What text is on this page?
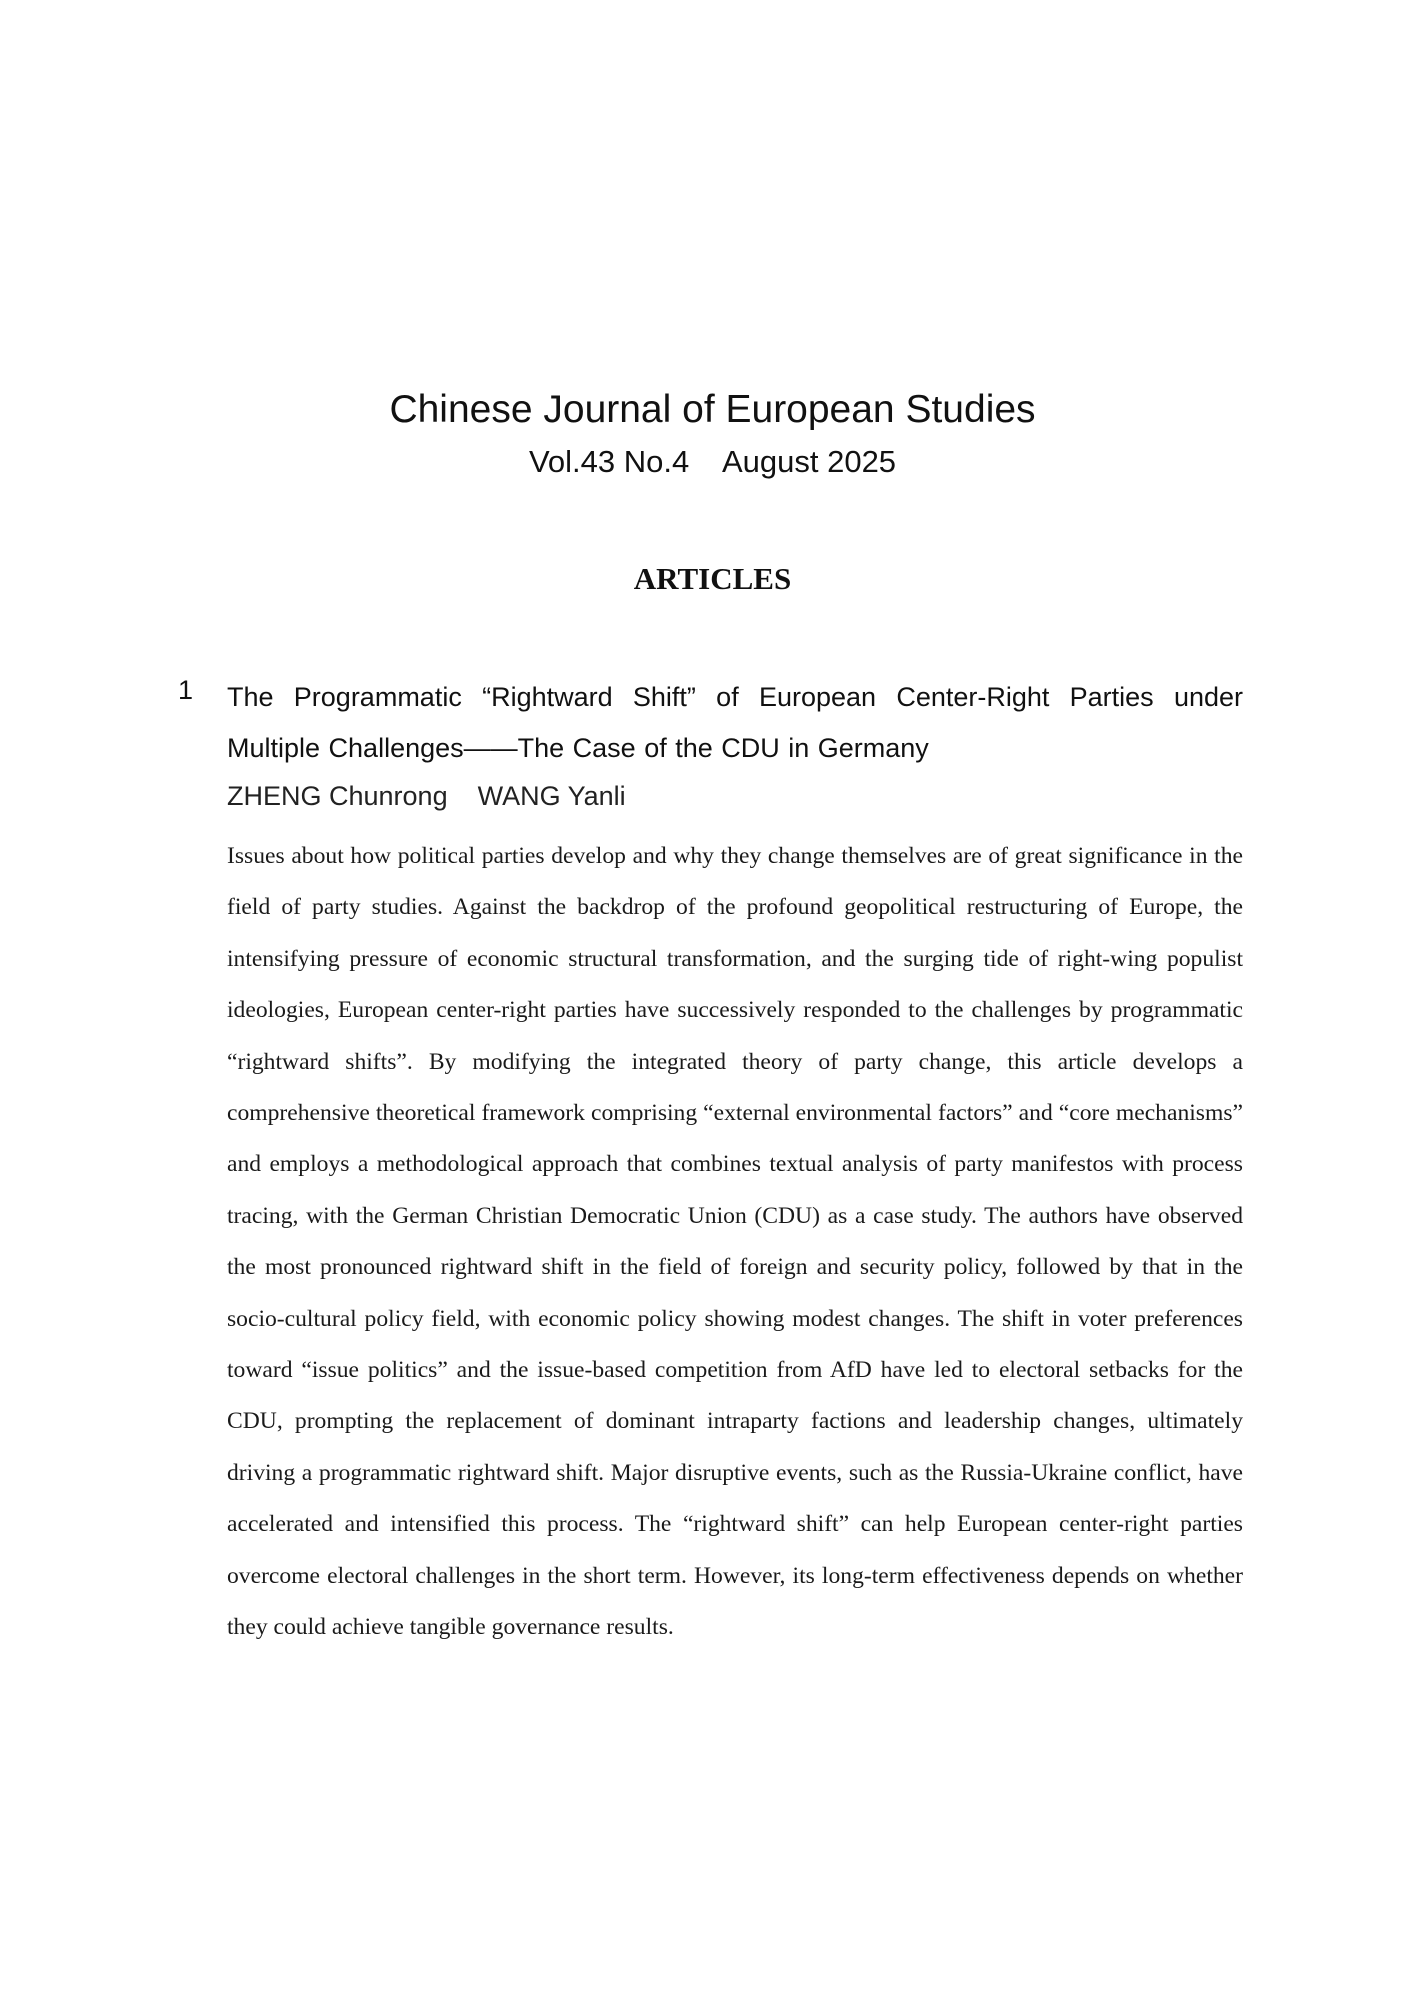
Chinese Journal of European Studies
Vol.43 No.4    August 2025
ARTICLES
1 The Programmatic “Rightward Shift” of European Center-Right Parties under Multiple Challenges——The Case of the CDU in Germany
ZHENG Chunrong    WANG Yanli

Issues about how political parties develop and why they change themselves are of great significance in the field of party studies. Against the backdrop of the profound geopolitical restructuring of Europe, the intensifying pressure of economic structural transformation, and the surging tide of right-wing populist ideologies, European center-right parties have successively responded to the challenges by programmatic “rightward shifts”. By modifying the integrated theory of party change, this article develops a comprehensive theoretical framework comprising “external environmental factors” and “core mechanisms” and employs a methodological approach that combines textual analysis of party manifestos with process tracing, with the German Christian Democratic Union (CDU) as a case study. The authors have observed the most pronounced rightward shift in the field of foreign and security policy, followed by that in the socio-cultural policy field, with economic policy showing modest changes. The shift in voter preferences toward “issue politics” and the issue-based competition from AfD have led to electoral setbacks for the CDU, prompting the replacement of dominant intraparty factions and leadership changes, ultimately driving a programmatic rightward shift. Major disruptive events, such as the Russia-Ukraine conflict, have accelerated and intensified this process. The “rightward shift” can help European center-right parties overcome electoral challenges in the short term. However, its long-term effectiveness depends on whether they could achieve tangible governance results.
